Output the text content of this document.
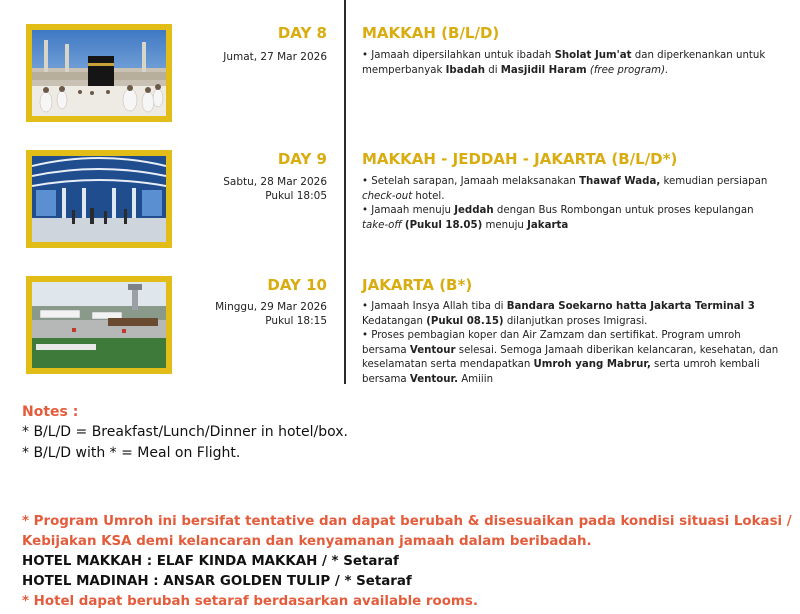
DAY 8
Jumat, 27 Mar 2026
MAKKAH (B/L/D)

• Jamaah dipersilahkan untuk ibadah Sholat Jum'at dan diperkenankan untuk memperbanyak Ibadah di Masjidil Haram (free program).

DAY 9
Sabtu, 28 Mar 2026
Pukul 18:05
MAKKAH - JEDDAH - JAKARTA (B/L/D*)

• Setelah sarapan, Jamaah melaksanakan Thawaf Wada, kemudian persiapan check-out hotel.

• Jamaah menuju Jeddah dengan Bus Rombongan untuk proses kepulangan take-off (Pukul 18.05) menuju Jakarta

DAY 10
Minggu, 29 Mar 2026
Pukul 18:15
JAKARTA (B*)

• Jamaah Insya Allah tiba di Bandara Soekarno hatta Jakarta Terminal 3 Kedatangan (Pukul 08.15) dilanjutkan proses Imigrasi.

• Proses pembagian koper dan Air Zamzam dan sertifikat. Program umroh bersama Ventour selesai. Semoga Jamaah diberikan kelancaran, kesehatan, dan keselamatan serta mendapatkan Umroh yang Mabrur, serta umroh kembali bersama Ventour. Amiiin

Notes :
* B/L/D = Breakfast/Lunch/Dinner in hotel/box.
* B/L/D with * = Meal on Flight.
* Program Umroh ini bersifat tentative dan dapat berubah & disesuaikan pada kondisi situasi Lokasi / Kebijakan KSA demi kelancaran dan kenyamanan jamaah dalam beribadah.
HOTEL MAKKAH : ELAF KINDA MAKKAH / * Setaraf
HOTEL MADINAH : ANSAR GOLDEN TULIP / * Setaraf
* Hotel dapat berubah setaraf berdasarkan available rooms.
